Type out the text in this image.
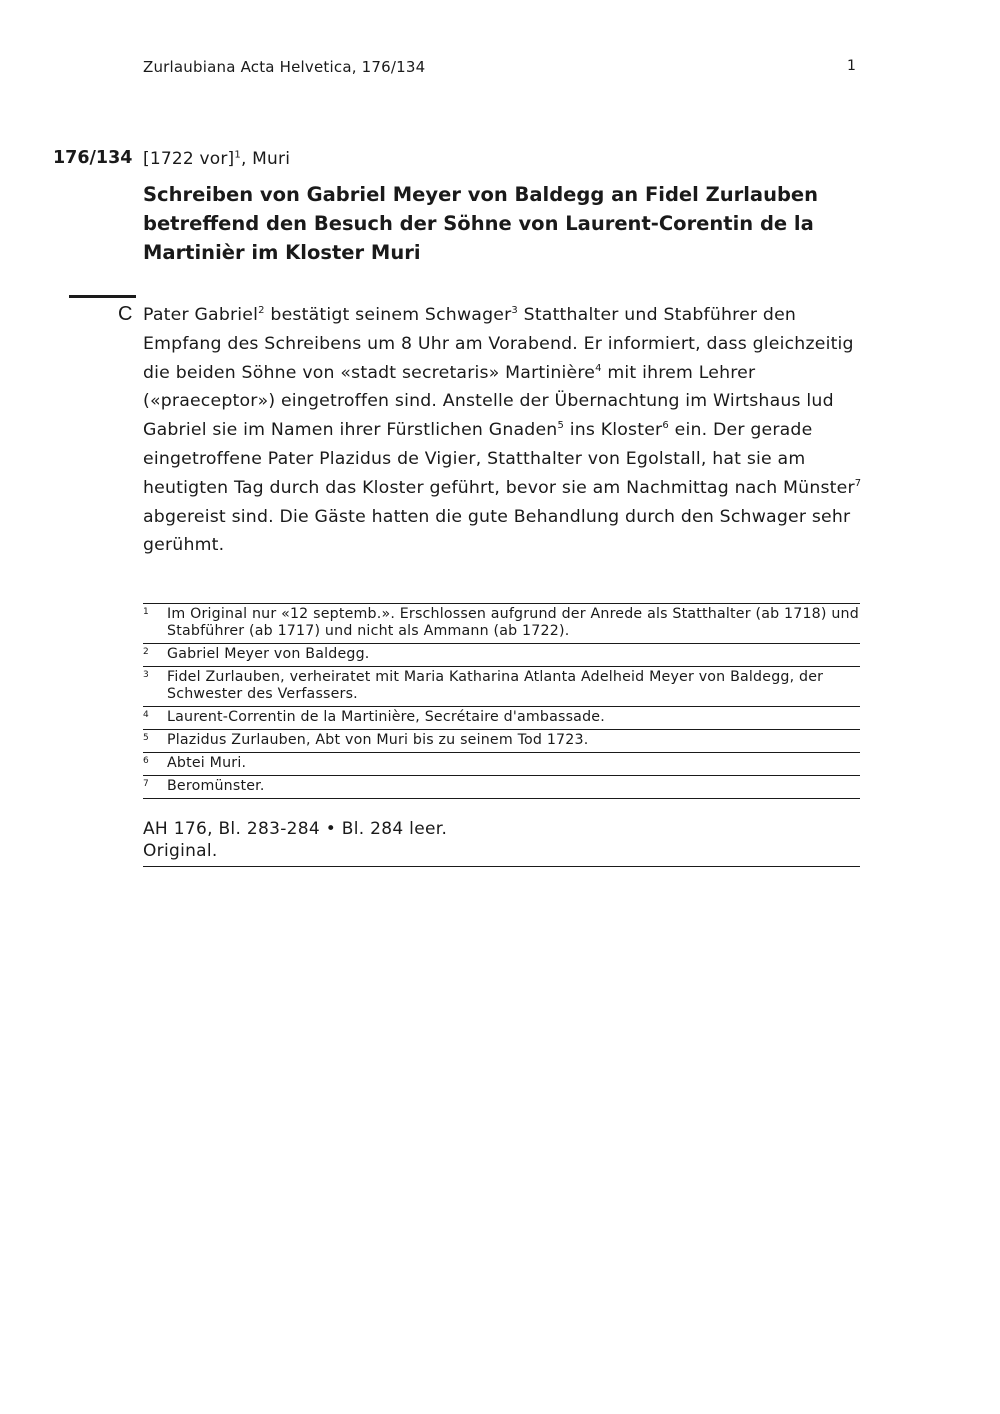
Zurlaubiana Acta Helvetica, 176/134	1
176/134 [1722 vor]$^1$, Muri
Schreiben von Gabriel Meyer von Baldegg an Fidel Zurlauben betreffend den Besuch der Söhne von Laurent-Corentin de la Martinièr im Kloster Muri
C Pater Gabriel$^2$ bestätigt seinem Schwager$^3$ Statthalter und Stabführer den Empfang des Schreibens um 8 Uhr am Vorabend. Er informiert, dass gleichzeitig die beiden Söhne von «stadt secretaris» Martinière$^4$ mit ihrem Lehrer («praeceptor») eingetroffen sind. Anstelle der Übernachtung im Wirtshaus lud Gabriel sie im Namen ihrer Fürstlichen Gnaden$^5$ ins Kloster$^6$ ein. Der gerade eingetroffene Pater Plazidus de Vigier, Statthalter von Egolstall, hat sie am heutigten Tag durch das Kloster geführt, bevor sie am Nachmittag nach Münster$^7$ abgereist sind. Die Gäste hatten die gute Behandlung durch den Schwager sehr gerühmt.

1	Im Original nur «12 septemb.». Erschlossen aufgrund der Anrede als Statthalter (ab 1718) und Stabführer (ab 1717) und nicht als Ammann (ab 1722).
2	Gabriel Meyer von Baldegg.
3	Fidel Zurlauben, verheiratet mit Maria Katharina Atlanta Adelheid Meyer von Baldegg, der Schwester des Verfassers.
4	Laurent-Correntin de la Martinière, Secrétaire d'ambassade.
5	Plazidus Zurlauben, Abt von Muri bis zu seinem Tod 1723.
6	Abtei Muri.
7	Beromünster.
AH 176, Bl. 283-284 • Bl. 284 leer.
Original.
